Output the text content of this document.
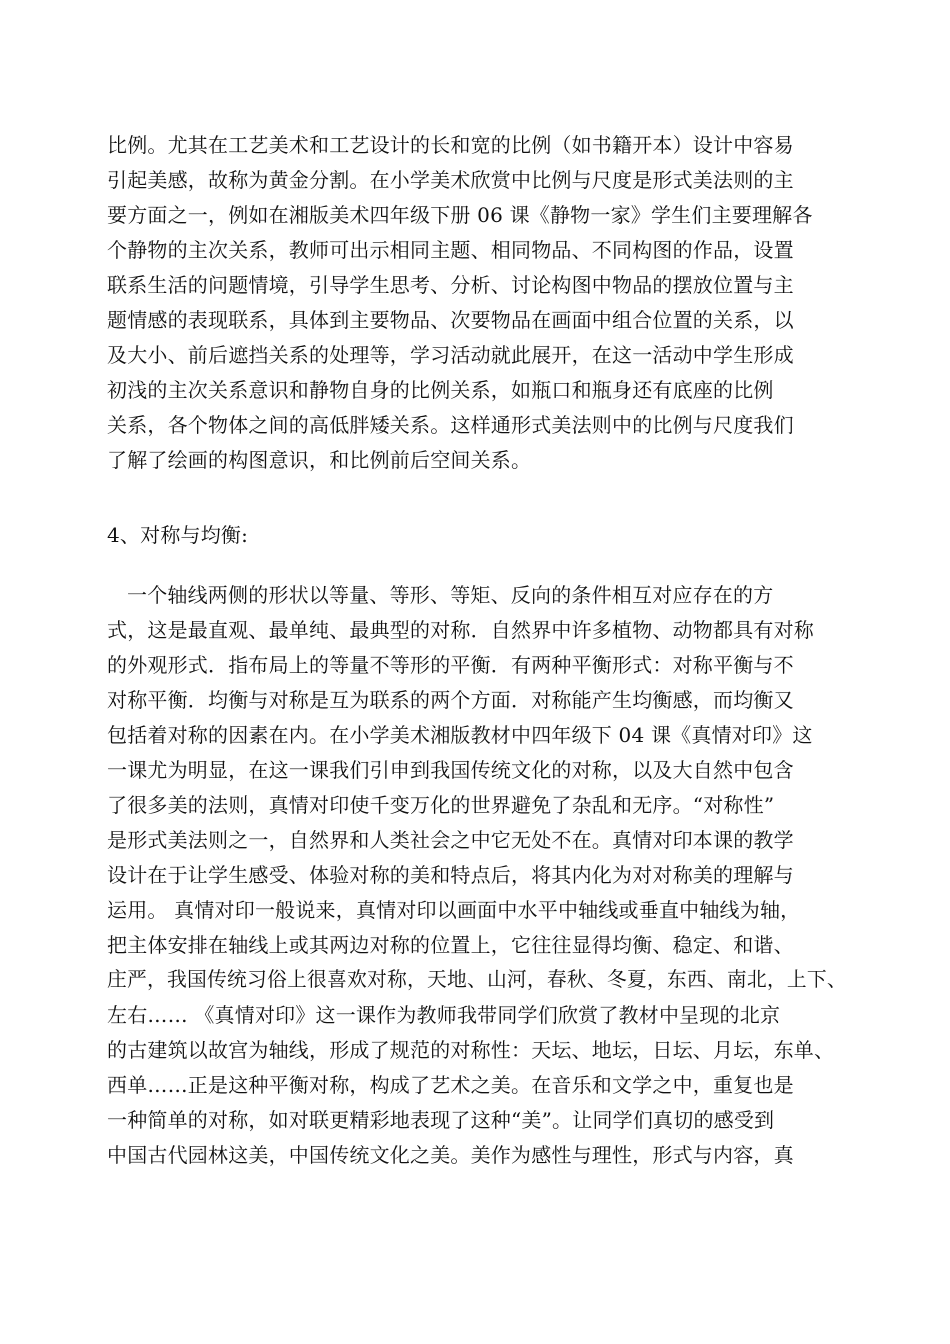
比例。尤其在工艺美术和工艺设计的长和宽的比例（如书籍开本）设计中容易
引起美感，故称为黄金分割。在小学美术欣赏中比例与尺度是形式美法则的主
要方面之一，例如在湘版美术四年级下册 06 课《静物一家》学生们主要理解各
个静物的主次关系，教师可出示相同主题、相同物品、不同构图的作品，设置
联系生活的问题情境，引导学生思考、分析、讨论构图中物品的摆放位置与主
题情感的表现联系，具体到主要物品、次要物品在画面中组合位置的关系，以
及大小、前后遮挡关系的处理等，学习活动就此展开，在这一活动中学生形成
初浅的主次关系意识和静物自身的比例关系，如瓶口和瓶身还有底座的比例
关系，各个物体之间的高低胖矮关系。这样通形式美法则中的比例与尺度我们
了解了绘画的构图意识，和比例前后空间关系。
4、对称与均衡:
一个轴线两侧的形状以等量、等形、等矩、反向的条件相互对应存在的方
式，这是最直观、最单纯、最典型的对称．自然界中许多植物、动物都具有对称
的外观形式．指布局上的等量不等形的平衡．有两种平衡形式：对称平衡与不
对称平衡．均衡与对称是互为联系的两个方面．对称能产生均衡感，而均衡又
包括着对称的因素在内。在小学美术湘版教材中四年级下 04 课《真情对印》这
一课尤为明显，在这一课我们引申到我国传统文化的对称，以及大自然中包含
了很多美的法则，真情对印使千变万化的世界避免了杂乱和无序。“对称性”
是形式美法则之一，自然界和人类社会之中它无处不在。真情对印本课的教学
设计在于让学生感受、体验对称的美和特点后，将其内化为对对称美的理解与
运用。 真情对印一般说来，真情对印以画面中水平中轴线或垂直中轴线为轴，
把主体安排在轴线上或其两边对称的位置上，它往往显得均衡、稳定、和谐、
庄严，我国传统习俗上很喜欢对称，天地、山河，春秋、冬夏，东西、南北，上下、
左右…… 《真情对印》这一课作为教师我带同学们欣赏了教材中呈现的北京
的古建筑以故宫为轴线，形成了规范的对称性：天坛、地坛，日坛、月坛，东单、
西单……正是这种平衡对称，构成了艺术之美。在音乐和文学之中，重复也是
一种简单的对称，如对联更精彩地表现了这种“美”。让同学们真切的感受到
中国古代园林这美，中国传统文化之美。美作为感性与理性，形式与内容，真
